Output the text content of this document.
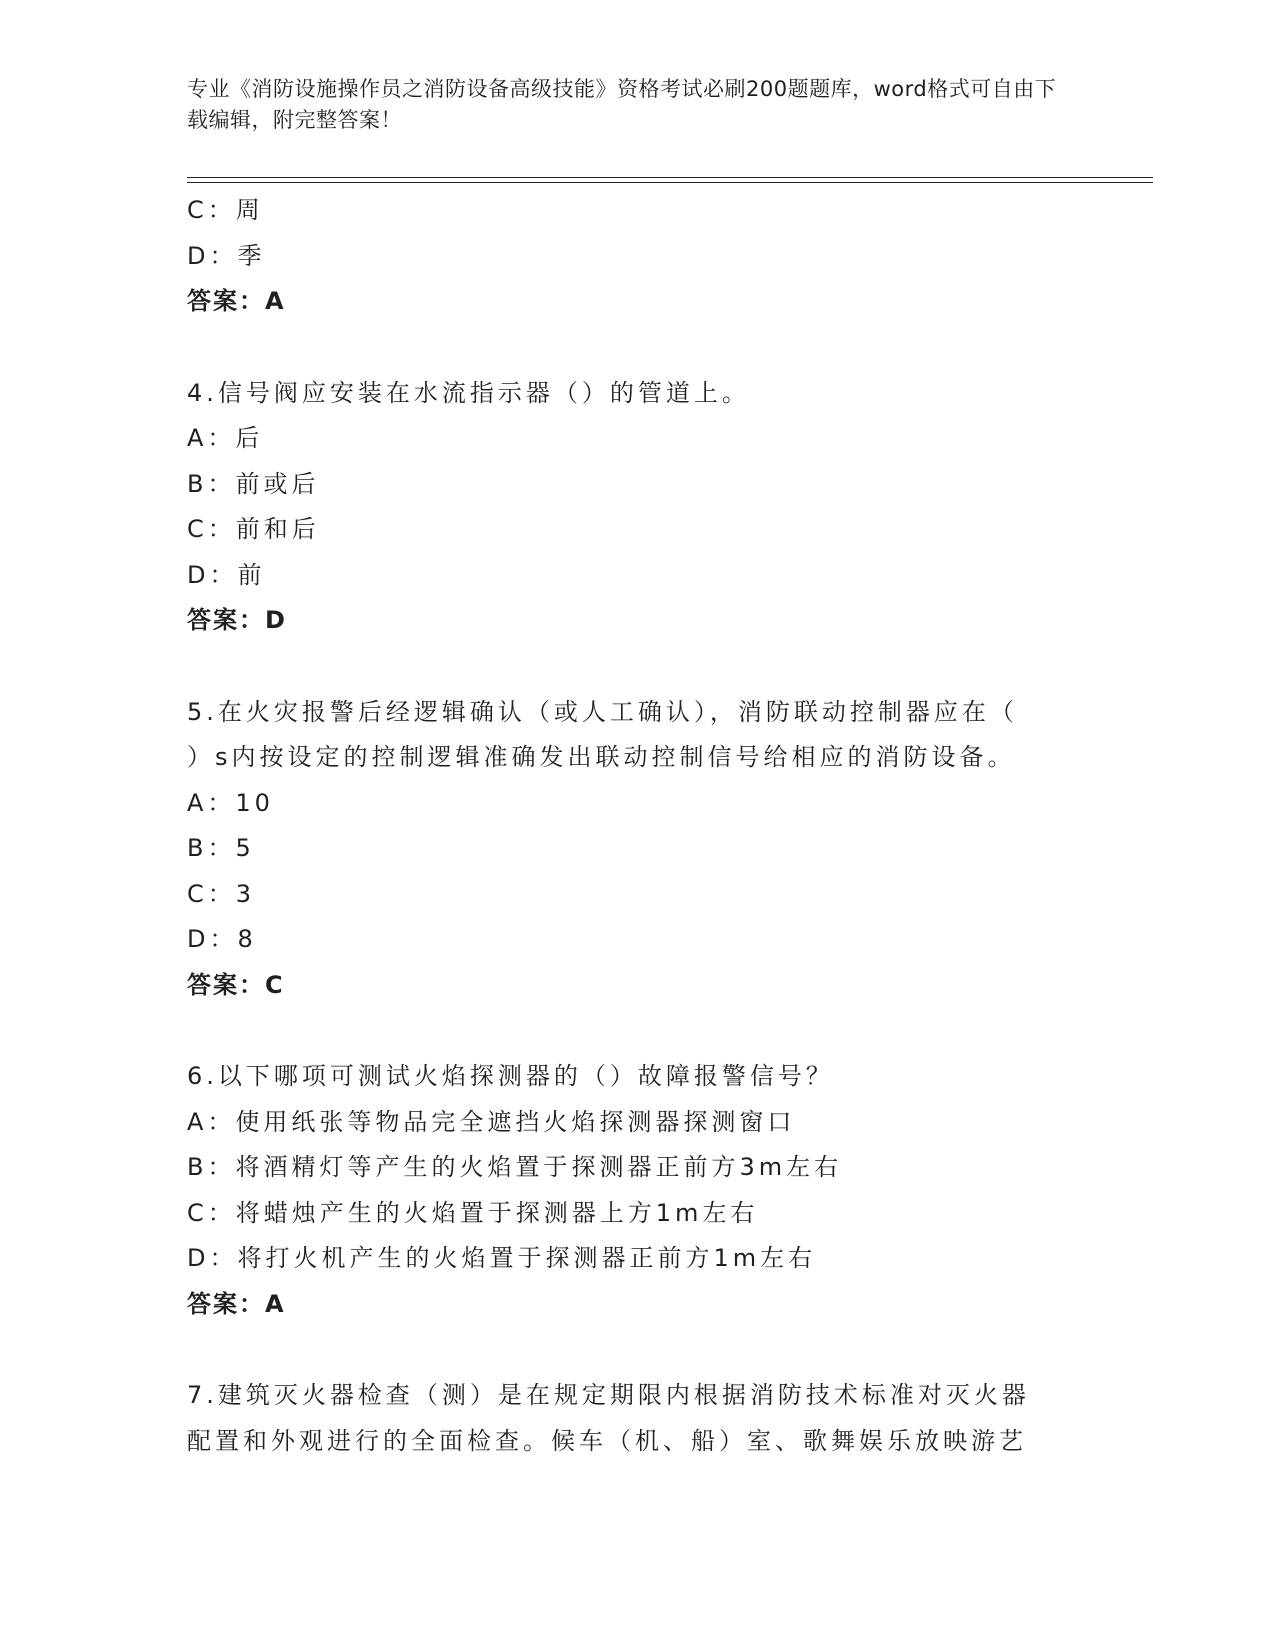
专业《消防设施操作员之消防设备高级技能》资格考试必刷200题题库，word格式可自由下载编辑，附完整答案！
C：周
D：季
答案：A
4.信号阀应安装在水流指示器（）的管道上。
A：后
B：前或后
C：前和后
D：前
答案：D
5.在火灾报警后经逻辑确认（或人工确认），消防联动控制器应在（
）s内按设定的控制逻辑准确发出联动控制信号给相应的消防设备。
A：10
B：5
C：3
D：8
答案：C
6.以下哪项可测试火焰探测器的（）故障报警信号？
A：使用纸张等物品完全遮挡火焰探测器探测窗口
B：将酒精灯等产生的火焰置于探测器正前方3m左右
C：将蜡烛产生的火焰置于探测器上方1m左右
D：将打火机产生的火焰置于探测器正前方1m左右
答案：A
7.建筑灭火器检查（测）是在规定期限内根据消防技术标准对灭火器
配置和外观进行的全面检查。候车（机、船）室、歌舞娱乐放映游艺
